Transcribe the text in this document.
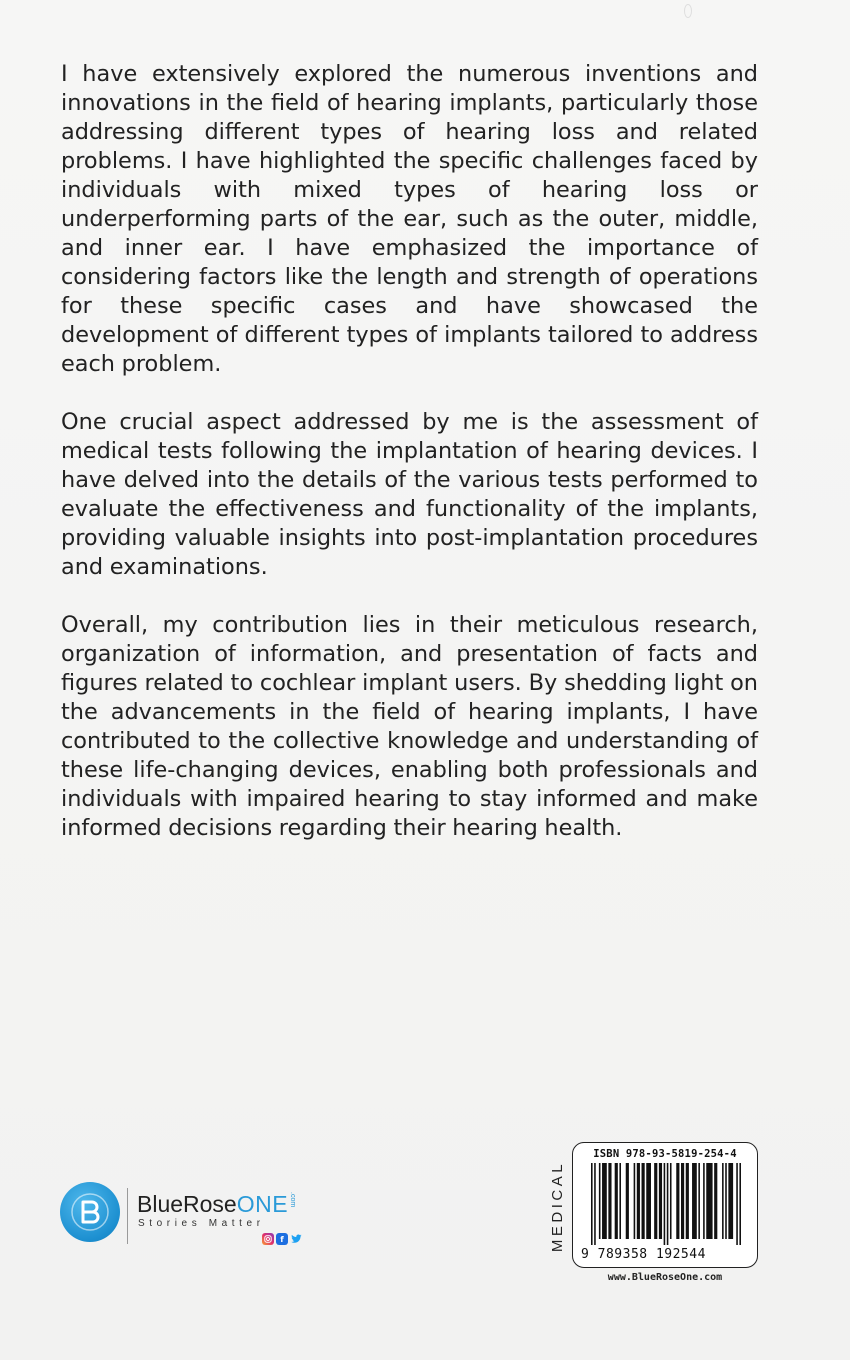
I have extensively explored the numerous inventions and innovations in the field of hearing implants, particularly those addressing different types of hearing loss and related problems. I have highlighted the specific challenges faced by individuals with mixed types of hearing loss or underperforming parts of the ear, such as the outer, middle, and inner ear. I have emphasized the importance of considering factors like the length and strength of operations for these specific cases and have showcased the development of different types of implants tailored to address each problem.

One crucial aspect addressed by me is the assessment of medical tests following the implantation of hearing devices. I have delved into the details of the various tests performed to evaluate the effectiveness and functionality of the implants, providing valuable insights into post-implantation procedures and examinations.

Overall, my contribution lies in their meticulous research, organization of information, and presentation of facts and figures related to cochlear implant users. By shedding light on the advancements in the field of hearing implants, I have contributed to the collective knowledge and understanding of these life-changing devices, enabling both professionals and individuals with impaired hearing to stay informed and make informed decisions regarding their hearing health.

BlueRoseONE.com
Stories Matter
f	MEDICAL
ISBN 978-93-5819-254-4
9 789358 192544
www.BlueRoseOne.com
